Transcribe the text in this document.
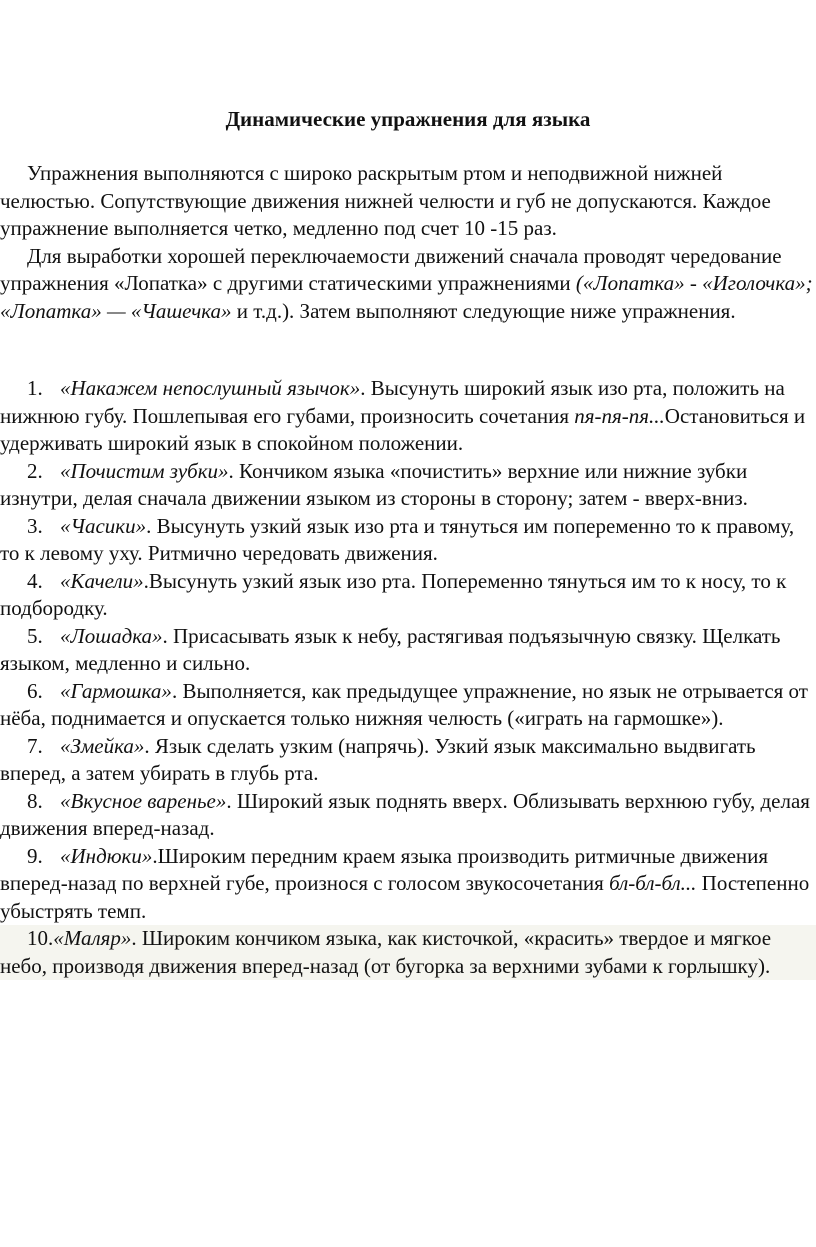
Динамические упражнения для языка

Упражнения выполняются с широко раскрытым ртом и неподвижной нижней челюстью. Сопутствующие движения нижней челюсти и губ не допускаются. Каждое упражнение выполняется четко, медленно под счет 10 -15 раз.

Для выработки хорошей переключаемости движений сначала проводят чередование упражнения «Лопатка» с другими статическими упражнениями («Лопатка» - «Иголочка»; «Лопатка» — «Чашечка» и т.д.). Затем выполняют следующие ниже упражнения.

1. «Накажем непослушный язычок». Высунуть широкий язык изо рта, положить на нижнюю губу. Пошлепывая его губами, произносить сочетания пя-пя-пя...Остановиться и удерживать широкий язык в спокойном положении.

2. «Почистим зубки». Кончиком языка «почистить» верхние или нижние зубки изнутри, делая сначала движении языком из стороны в сторону; затем - вверх-вниз.

3. «Часики». Высунуть узкий язык изо рта и тянуться им попеременно то к правому, то к левому уху. Ритмично чередовать движения.

4. «Качели».Высунуть узкий язык изо рта. Попеременно тянуться им то к носу, то к подбородку.

5. «Лошадка». Присасывать язык к небу, растягивая подъязычную связку. Щелкать языком, медленно и сильно.

6. «Гармошка». Выполняется, как предыдущее упражнение, но язык не отрывается от нёба, поднимается и опускается только нижняя челюсть («играть на гармошке»).

7. «Змейка». Язык сделать узким (напрячь). Узкий язык максимально выдвигать вперед, а затем убирать в глубь рта.

8. «Вкусное варенье». Широкий язык поднять вверх. Облизывать верхнюю губу, делая движения вперед-назад.

9. «Индюки».Широким передним краем языка производить ритмичные движения вперед-назад по верхней губе, произнося с голосом звукосочетания бл-бл-бл... Постепенно убыстрять темп.

10.«Маляр». Широким кончиком языка, как кисточкой, «красить» твердое и мягкое небо, производя движения вперед-назад (от бугорка за верхними зубами к горлышку).
